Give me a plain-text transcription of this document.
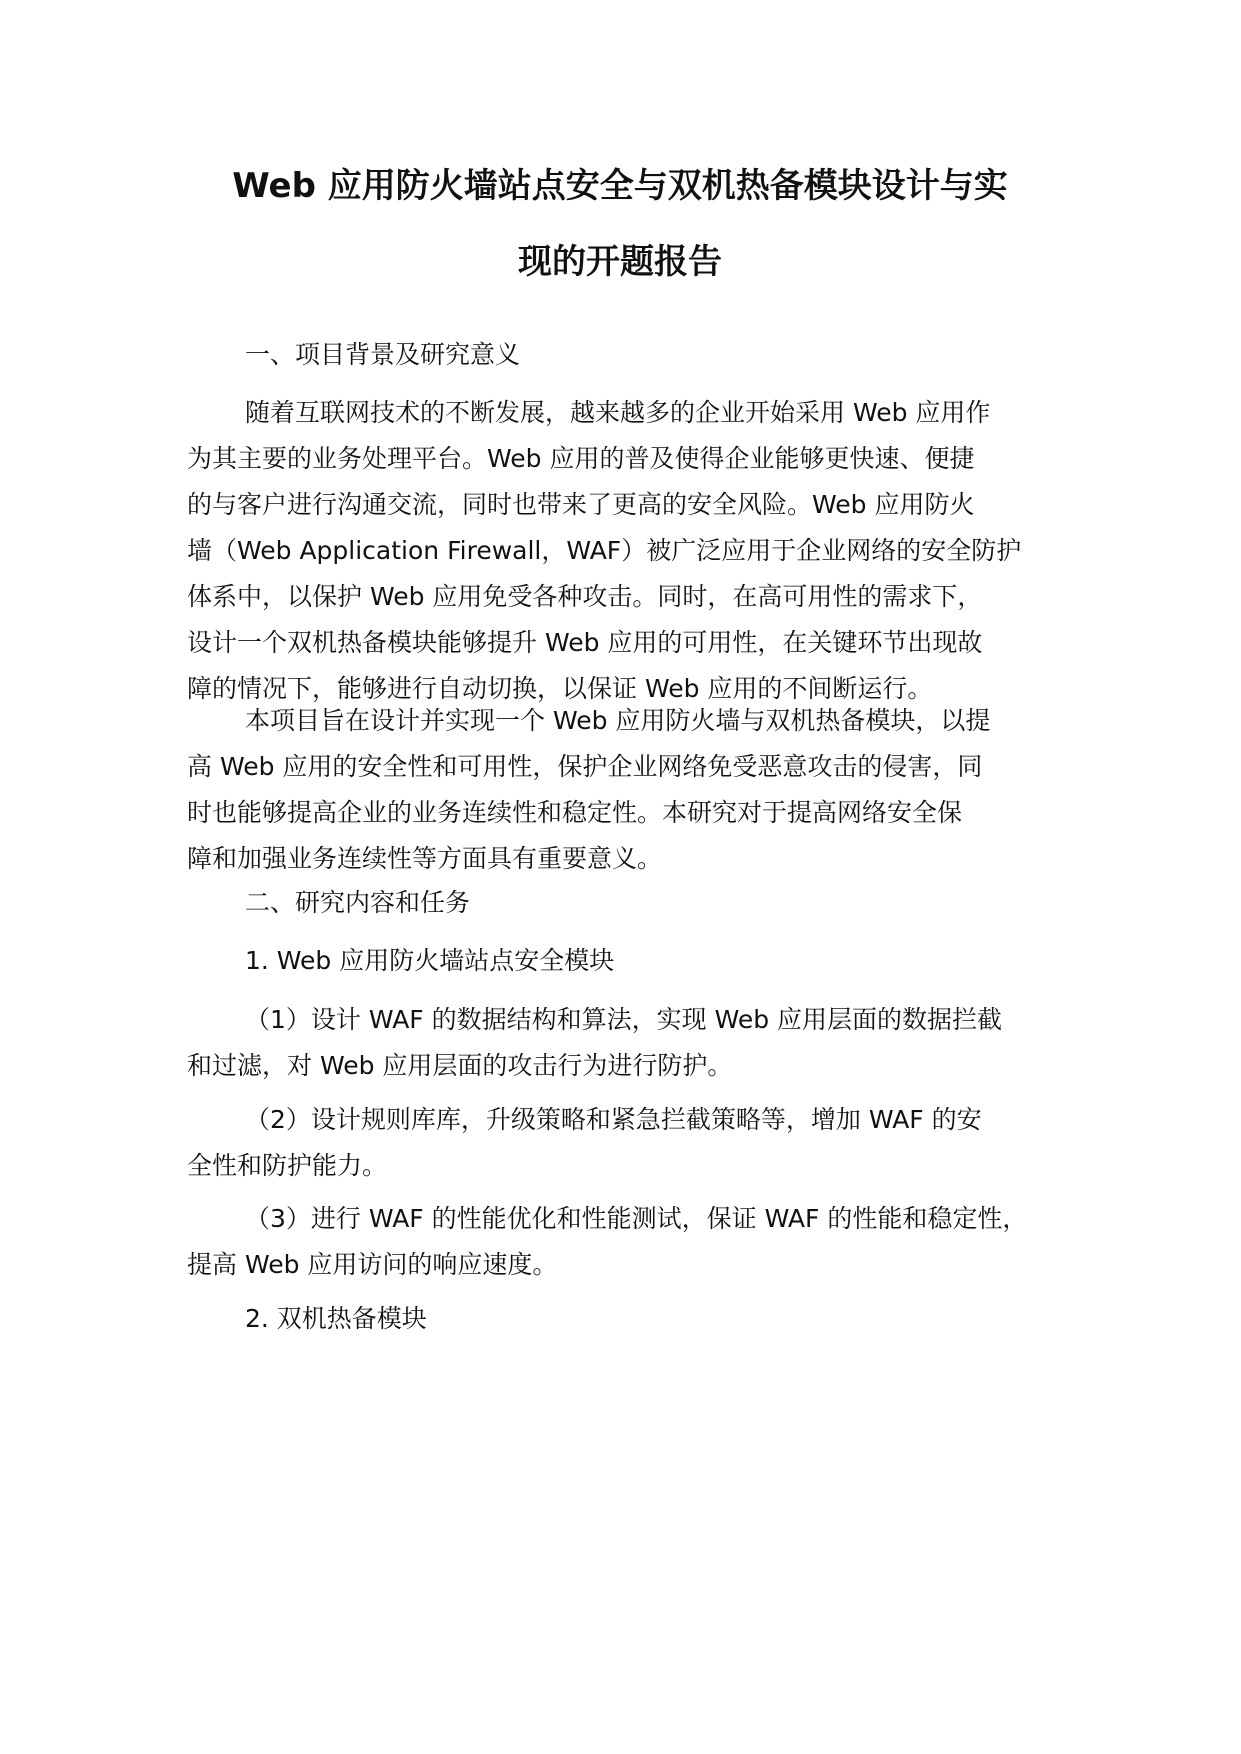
Web 应用防火墙站点安全与双机热备模块设计与实
现的开题报告

一、项目背景及研究意义

随着互联网技术的不断发展，越来越多的企业开始采用 Web 应用作
为其主要的业务处理平台。Web 应用的普及使得企业能够更快速、便捷
的与客户进行沟通交流，同时也带来了更高的安全风险。Web 应用防火
墙（Web Application Firewall，WAF）被广泛应用于企业网络的安全防护
体系中，以保护 Web 应用免受各种攻击。同时，在高可用性的需求下，
设计一个双机热备模块能够提升 Web 应用的可用性，在关键环节出现故
障的情况下，能够进行自动切换，以保证 Web 应用的不间断运行。

本项目旨在设计并实现一个 Web 应用防火墙与双机热备模块，以提
高 Web 应用的安全性和可用性，保护企业网络免受恶意攻击的侵害，同
时也能够提高企业的业务连续性和稳定性。本研究对于提高网络安全保
障和加强业务连续性等方面具有重要意义。

二、研究内容和任务

1. Web 应用防火墙站点安全模块

（1）设计 WAF 的数据结构和算法，实现 Web 应用层面的数据拦截
和过滤，对 Web 应用层面的攻击行为进行防护。

（2）设计规则库库，升级策略和紧急拦截策略等，增加 WAF 的安
全性和防护能力。

（3）进行 WAF 的性能优化和性能测试，保证 WAF 的性能和稳定性，
提高 Web 应用访问的响应速度。

2. 双机热备模块
